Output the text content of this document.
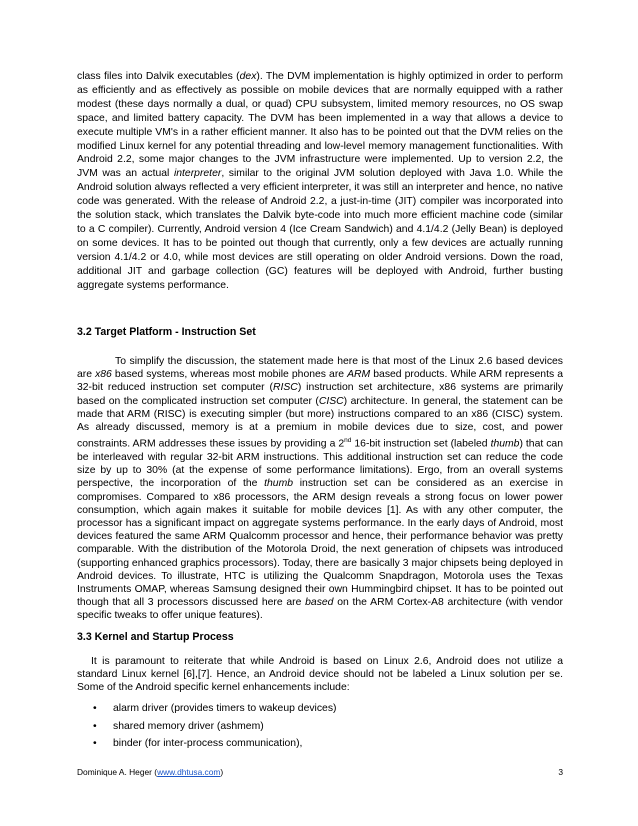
class files into Dalvik executables (dex). The DVM implementation is highly optimized in order to perform as efficiently and as effectively as possible on mobile devices that are normally equipped with a rather modest (these days normally a dual, or quad) CPU subsystem, limited memory resources, no OS swap space, and limited battery capacity. The DVM has been implemented in a way that allows a device to execute multiple VM's in a rather efficient manner. It also has to be pointed out that the DVM relies on the modified Linux kernel for any potential threading and low-level memory management functionalities. With Android 2.2, some major changes to the JVM infrastructure were implemented. Up to version 2.2, the JVM was an actual interpreter, similar to the original JVM solution deployed with Java 1.0. While the Android solution always reflected a very efficient interpreter, it was still an interpreter and hence, no native code was generated. With the release of Android 2.2, a just-in-time (JIT) compiler was incorporated into the solution stack, which translates the Dalvik byte-code into much more efficient machine code (similar to a C compiler). Currently, Android version 4 (Ice Cream Sandwich) and 4.1/4.2 (Jelly Bean) is deployed on some devices. It has to be pointed out though that currently, only a few devices are actually running version 4.1/4.2 or 4.0, while most devices are still operating on older Android versions. Down the road, additional JIT and garbage collection (GC) features will be deployed with Android, further busting aggregate systems performance.

3.2 Target Platform - Instruction Set

To simplify the discussion, the statement made here is that most of the Linux 2.6 based devices are x86 based systems, whereas most mobile phones are ARM based products. While ARM represents a 32-bit reduced instruction set computer (RISC) instruction set architecture, x86 systems are primarily based on the complicated instruction set computer (CISC) architecture. In general, the statement can be made that ARM (RISC) is executing simpler (but more) instructions compared to an x86 (CISC) system. As already discussed, memory is at a premium in mobile devices due to size, cost, and power constraints. ARM addresses these issues by providing a 2nd 16-bit instruction set (labeled thumb) that can be interleaved with regular 32-bit ARM instructions. This additional instruction set can reduce the code size by up to 30% (at the expense of some performance limitations). Ergo, from an overall systems perspective, the incorporation of the thumb instruction set can be considered as an exercise in compromises. Compared to x86 processors, the ARM design reveals a strong focus on lower power consumption, which again makes it suitable for mobile devices [1]. As with any other computer, the processor has a significant impact on aggregate systems performance. In the early days of Android, most devices featured the same ARM Qualcomm processor and hence, their performance behavior was pretty comparable. With the distribution of the Motorola Droid, the next generation of chipsets was introduced (supporting enhanced graphics processors). Today, there are basically 3 major chipsets being deployed in Android devices. To illustrate, HTC is utilizing the Qualcomm Snapdragon, Motorola uses the Texas Instruments OMAP, whereas Samsung designed their own Hummingbird chipset. It has to be pointed out though that all 3 processors discussed here are based on the ARM Cortex-A8 architecture (with vendor specific tweaks to offer unique features).

3.3 Kernel and Startup Process

It is paramount to reiterate that while Android is based on Linux 2.6, Android does not utilize a standard Linux kernel [6],[7]. Hence, an Android device should not be labeled a Linux solution per se. Some of the Android specific kernel enhancements include:

• alarm driver (provides timers to wakeup devices)
• shared memory driver (ashmem)
• binder (for inter-process communication),
Dominique A. Heger (www.dhtusa.com)	3
